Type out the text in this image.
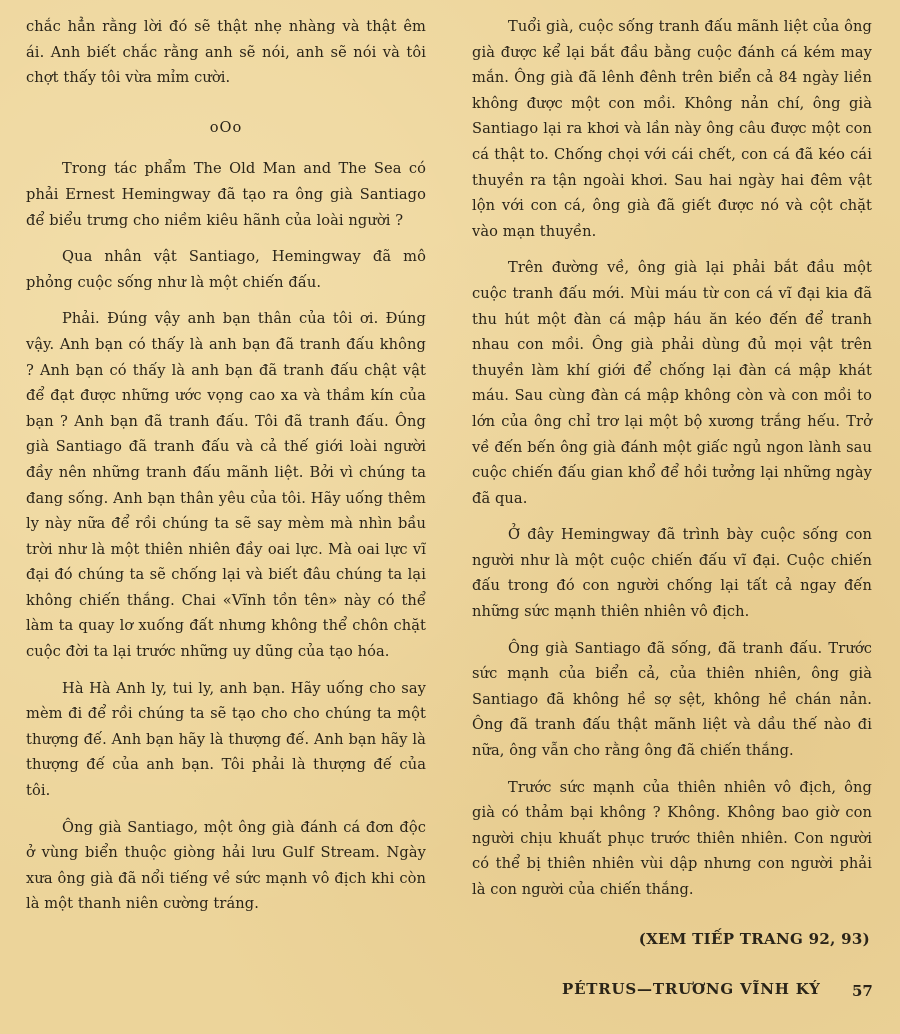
chắc hẳn rằng lời đó sẽ thật nhẹ nhàng và thật êm ái. Anh biết chắc rằng anh sẽ nói, anh sẽ nói và tôi chợt thấy tôi vừa mỉm cười.

oOo

Trong tác phẩm The Old Man and The Sea có phải Ernest Hemingway đã tạo ra ông già Santiago để biểu trưng cho niềm kiêu hãnh của loài người ?

Qua nhân vật Santiago, Hemingway đã mô phỏng cuộc sống như là một chiến đấu.

Phải. Đúng vậy anh bạn thân của tôi ơi. Đúng vậy. Anh bạn có thấy là anh bạn đã tranh đấu không ? Anh bạn có thấy là anh bạn đã tranh đấu chật vật để đạt được những ước vọng cao xa và thầm kín của bạn ? Anh bạn đã tranh đấu. Tôi đã tranh đấu. Ông già Santiago đã tranh đấu và cả thế giới loài người đầy nên những tranh đấu mãnh liệt. Bởi vì chúng ta đang sống. Anh bạn thân yêu của tôi. Hãy uống thêm ly này nữa để rồi chúng ta sẽ say mèm mà nhìn bầu trời như là một thiên nhiên đầy oai lực. Mà oai lực vĩ đại đó chúng ta sẽ chống lại và biết đâu chúng ta lại không chiến thắng. Chai «Vĩnh tồn tên» này có thể làm ta quay lơ xuống đất nhưng không thể chôn chặt cuộc đời ta lại trước những uy dũng của tạo hóa.

Hà Hà Anh ly, tui ly, anh bạn. Hãy uống cho say mèm đi để rồi chúng ta sẽ tạo cho cho chúng ta một thượng đế. Anh bạn hãy là thượng đế. Anh bạn hãy là thượng đế của anh bạn. Tôi phải là thượng đế của tôi.

Ông già Santiago, một ông già đánh cá đơn độc ở vùng biển thuộc giòng hải lưu Gulf Stream. Ngày xưa ông già đã nổi tiếng về sức mạnh vô địch khi còn là một thanh niên cường tráng.

Tuổi già, cuộc sống tranh đấu mãnh liệt của ông già được kể lại bắt đầu bằng cuộc đánh cá kém may mắn. Ông già đã lênh đênh trên biển cả 84 ngày liền không được một con mồi. Không nản chí, ông già Santiago lại ra khơi và lần này ông câu được một con cá thật to. Chống chọi với cái chết, con cá đã kéo cái thuyền ra tận ngoài khơi. Sau hai ngày hai đêm vật lộn với con cá, ông già đã giết được nó và cột chặt vào mạn thuyền.

Trên đường về, ông già lại phải bắt đầu một cuộc tranh đấu mới. Mùi máu từ con cá vĩ đại kia đã thu hút một đàn cá mập háu ăn kéo đến để tranh nhau con mồi. Ông già phải dùng đủ mọi vật trên thuyền làm khí giới để chống lại đàn cá mập khát máu. Sau cùng đàn cá mập không còn và con mồi to lớn của ông chỉ trơ lại một bộ xương trắng hếu. Trở về đến bến ông già đánh một giấc ngủ ngon lành sau cuộc chiến đấu gian khổ để hồi tưởng lại những ngày đã qua.

Ở đây Hemingway đã trình bày cuộc sống con người như là một cuộc chiến đấu vĩ đại. Cuộc chiến đấu trong đó con người chống lại tất cả ngay đến những sức mạnh thiên nhiên vô địch.

Ông già Santiago đã sống, đã tranh đấu. Trước sức mạnh của biển cả, của thiên nhiên, ông già Santiago đã không hề sợ sệt, không hề chán nản. Ông đã tranh đấu thật mãnh liệt và dầu thế nào đi nữa, ông vẫn cho rằng ông đã chiến thắng.

Trước sức mạnh của thiên nhiên vô địch, ông già có thảm bại không ? Không. Không bao giờ con người chịu khuất phục trước thiên nhiên. Con người có thể bị thiên nhiên vùi dập nhưng con người phải là con người của chiến thắng.

(XEM TIẾP TRANG 92, 93)
PÉTRUS—TRƯƠNG VĨNH KÝ 57
